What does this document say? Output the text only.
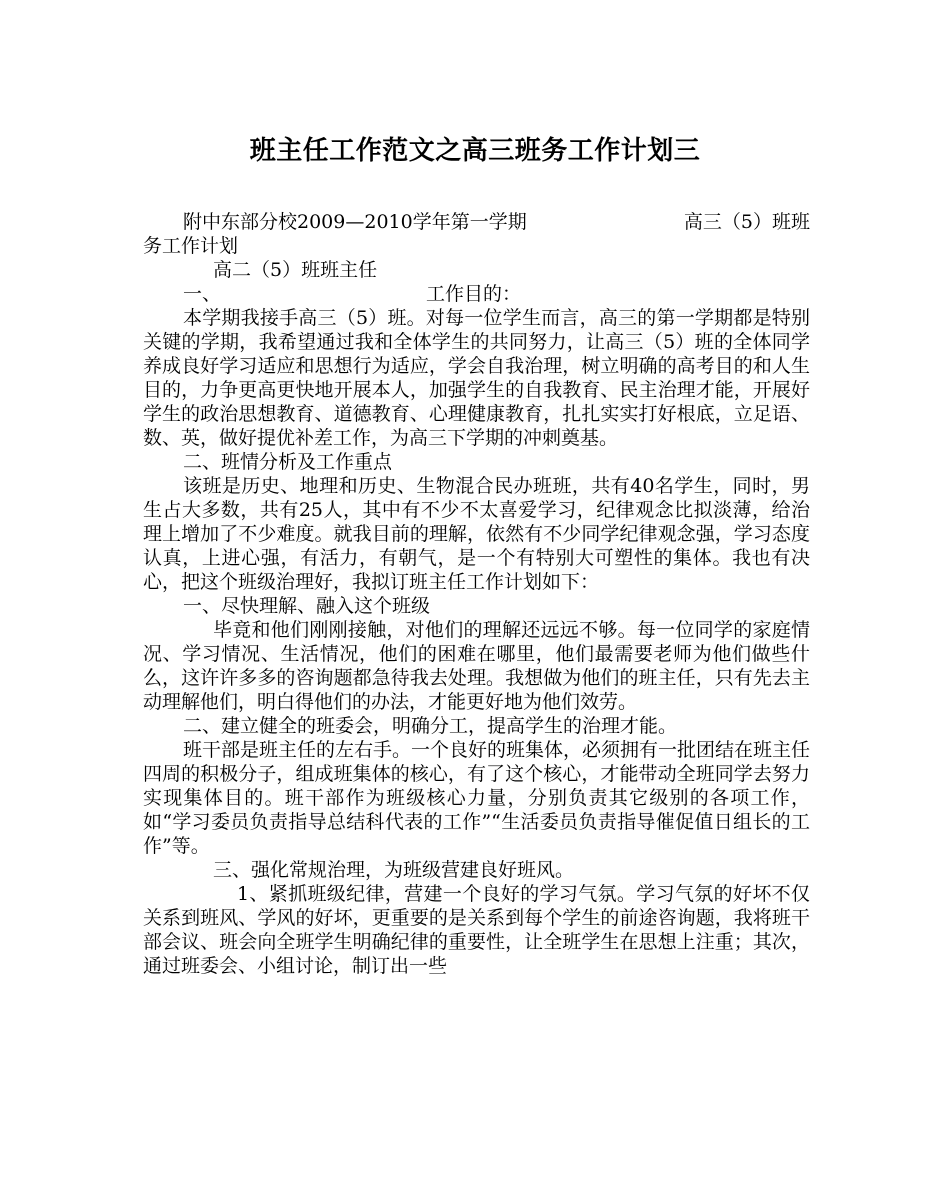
班主任工作范文之高三班务工作计划三

附中东部分校2009—2010学年第一学期	高三（5）班班

务工作计划

高二（5）班班主任

一、	工作目的：

本学期我接手高三（5）班。对每一位学生而言，高三的第一学期都是特别关键的学期，我希望通过我和全体学生的共同努力，让高三（5）班的全体同学养成良好学习适应和思想行为适应，学会自我治理，树立明确的高考目的和人生目的，力争更高更快地开展本人，加强学生的自我教育、民主治理才能，开展好学生的政治思想教育、道德教育、心理健康教育，扎扎实实打好根底，立足语、数、英，做好提优补差工作，为高三下学期的冲刺奠基。

二、班情分析及工作重点

该班是历史、地理和历史、生物混合民办班班，共有40名学生，同时，男生占大多数，共有25人，其中有不少不太喜爱学习，纪律观念比拟淡薄，给治理上增加了不少难度。就我目前的理解，依然有不少同学纪律观念强，学习态度认真，上进心强，有活力，有朝气，是一个有特别大可塑性的集体。我也有决心，把这个班级治理好，我拟订班主任工作计划如下：

一、尽快理解、融入这个班级

毕竟和他们刚刚接触，对他们的理解还远远不够。每一位同学的家庭情况、学习情况、生活情况，他们的困难在哪里，他们最需要老师为他们做些什么，这许许多多的咨询题都急待我去处理。我想做为他们的班主任，只有先去主动理解他们，明白得他们的办法，才能更好地为他们效劳。

二、建立健全的班委会，明确分工，提高学生的治理才能。

班干部是班主任的左右手。一个良好的班集体，必须拥有一批团结在班主任四周的积极分子，组成班集体的核心，有了这个核心，才能带动全班同学去努力实现集体目的。班干部作为班级核心力量，分别负责其它级别的各项工作，如“学习委员负责指导总结科代表的工作”“生活委员负责指导催促值日组长的工作”等。

三、强化常规治理，为班级营建良好班风。

1、紧抓班级纪律，营建一个良好的学习气氛。学习气氛的好坏不仅关系到班风、学风的好坏，更重要的是关系到每个学生的前途咨询题，我将班干部会议、班会向全班学生明确纪律的重要性，让全班学生在思想上注重；其次，通过班委会、小组讨论，制订出一些
